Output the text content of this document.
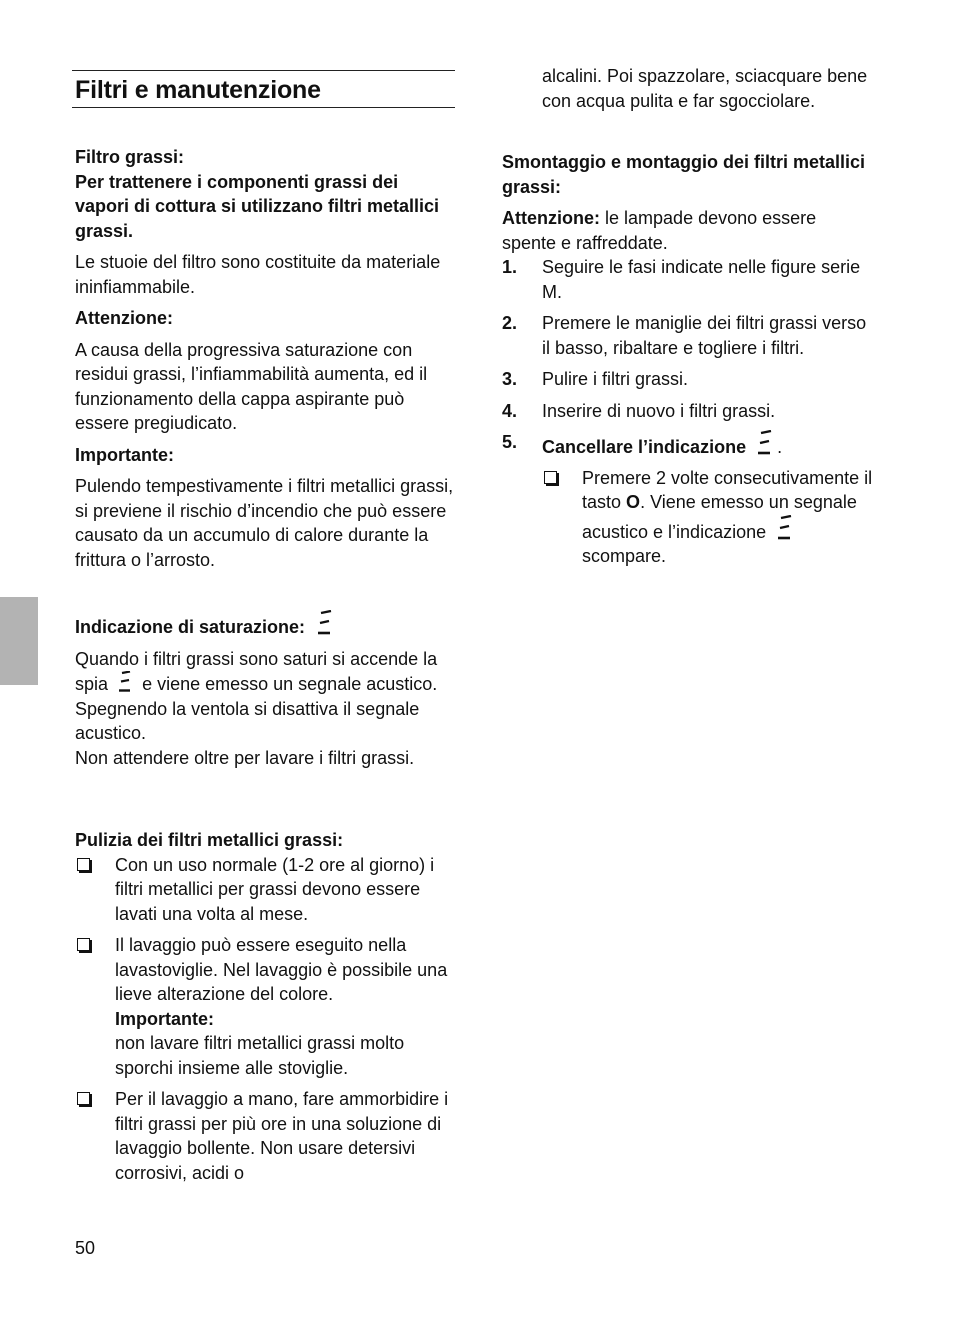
Filtri e manutenzione

Filtro grassi:

Per trattenere i componenti grassi dei vapori di cottura si utilizzano filtri metallici grassi.

Le stuoie del filtro sono costituite da materiale ininfiammabile.

Attenzione:

A causa della progressiva saturazione con residui grassi, l’infiammabilità aumenta, ed il funzionamento della cappa aspirante può essere pregiudicato.

Importante:

Pulendo tempestivamente i filtri metallici grassi, si previene il rischio d’incendio che può essere causato da un accumulo di calore durante la frittura o l’arrosto.

Indicazione di saturazione:

Quando i filtri grassi sono saturi si accende la spia e viene emesso un segnale acustico.

Spegnendo la ventola si disattiva il segnale acustico.

Non attendere oltre per lavare i filtri grassi.

Pulizia dei filtri metallici grassi:

Con un uso normale (1-2 ore al giorno) i filtri metallici per grassi devono essere lavati una volta al mese.
Il lavaggio può essere eseguito nella lavastoviglie. Nel lavaggio è possibile una lieve alterazione del colore.
Importante:
non lavare filtri metallici grassi molto sporchi insieme alle stoviglie.
Per il lavaggio a mano, fare ammorbidire i filtri grassi per più ore in una soluzione di lavaggio bollente. Non usare detersivi corrosivi, acidi o
50

alcalini. Poi spazzolare, sciacquare bene con acqua pulita e far sgocciolare.

Smontaggio e montaggio dei filtri metallici grassi:

Attenzione: le lampade devono essere spente e raffreddate.

1. Seguire le fasi indicate nelle figure serie M.
2. Premere le maniglie dei filtri grassi verso il basso, ribaltare e togliere i filtri.
3. Pulire i filtri grassi.
4. Inserire di nuovo i filtri grassi.
5. Cancellare l’indicazione .
Premere 2 volte consecutivamente il tasto O. Viene emesso un segnale acustico e l’indicazione  scompare.
